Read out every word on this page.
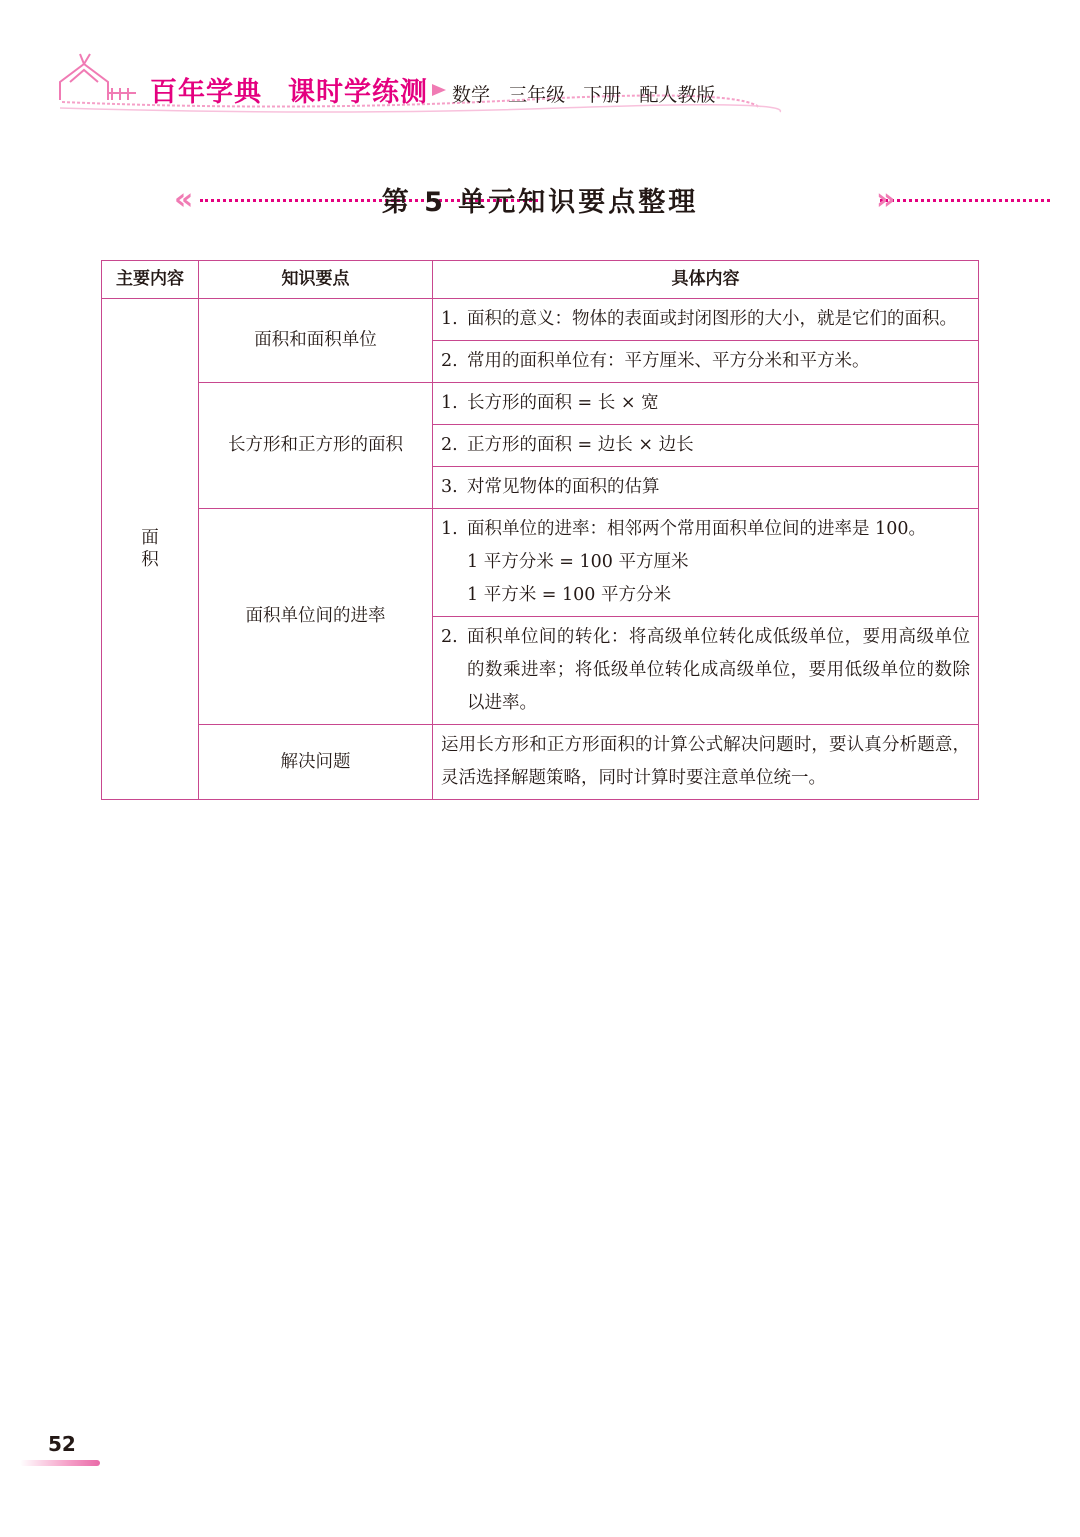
百年学典 课时学练测 数学 三年级 下册 配人教版
«	第 5 单元知识要点整理	»
主要内容	知识要点	具体内容

面
积	面积和面积单位	1. 面积的意义：物体的表面或封闭图形的大小，就是它们的面积。

		2. 常用的面积单位有：平方厘米、平方分米和平方米。

	长方形和正方形的面积	1. 长方形的面积 = 长 × 宽

		2. 正方形的面积 = 边长 × 边长

		3. 对常见物体的面积的估算

	面积单位间的进率	1. 面积单位的进率：相邻两个常用面积单位间的进率是 100。
1 平方分米 = 100 平方厘米
1 平方米 = 100 平方分米

		2. 面积单位间的转化：将高级单位转化成低级单位，要用高级单位的数乘进率；将低级单位转化成高级单位，要用低级单位的数除以进率。

	解决问题	运用长方形和正方形面积的计算公式解决问题时，要认真分析题意，灵活选择解题策略，同时计算时要注意单位统一。
52
